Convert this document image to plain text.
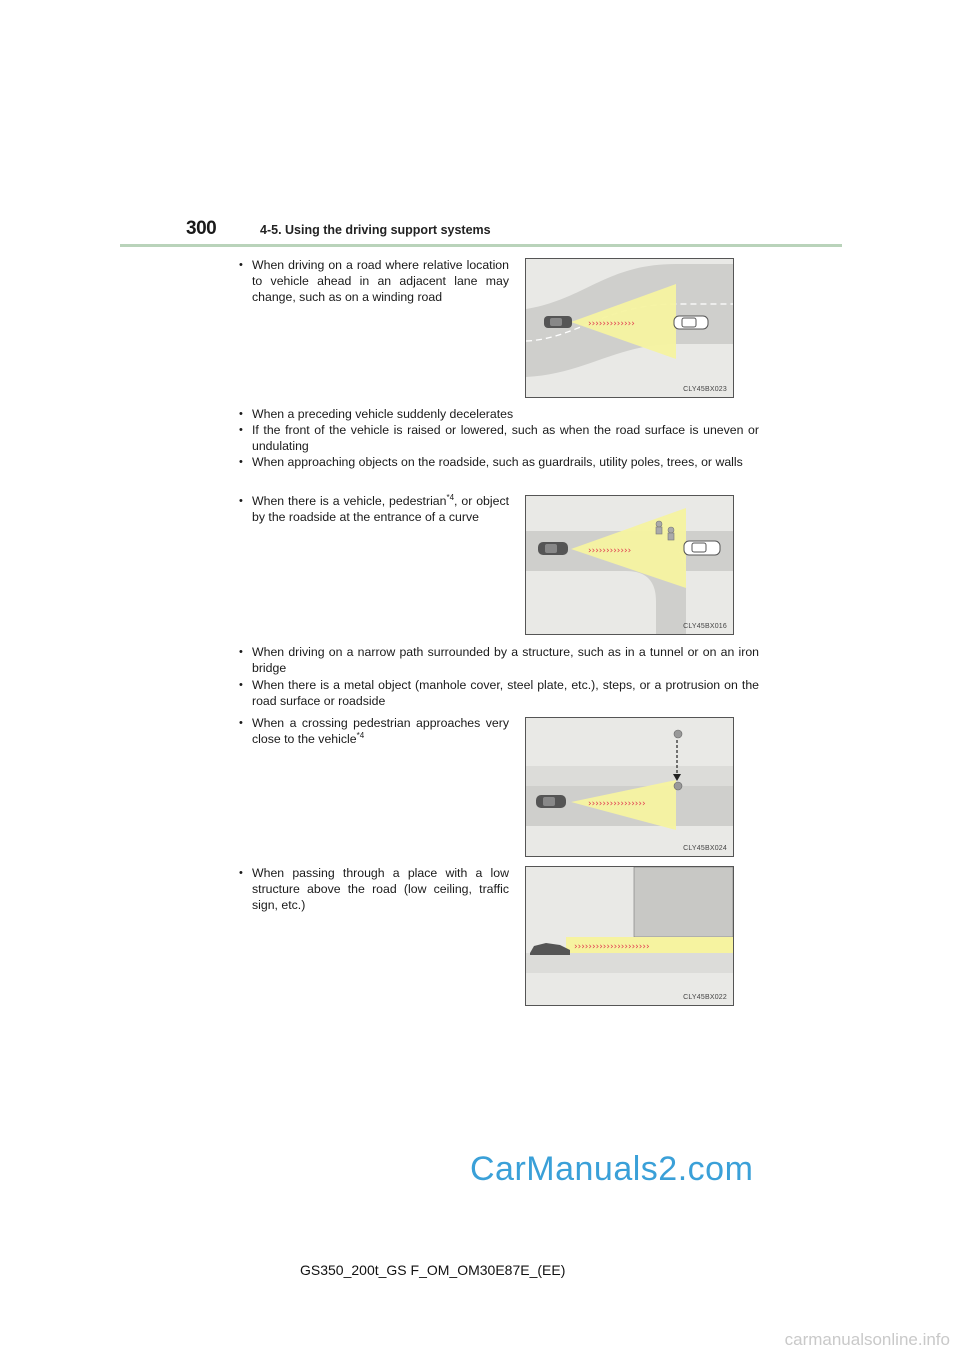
300	4-5. Using the driving support systems
• When driving on a road where relative location to vehicle ahead in an adjacent lane may change, such as on a winding road
›››››››››››››
CLY45BX023
• When a preceding vehicle suddenly decelerates
• If the front of the vehicle is raised or lowered, such as when the road surface is uneven or undulating
• When approaching objects on the roadside, such as guardrails, utility poles, trees, or walls
• When there is a vehicle, pedestrian$^{*4}$, or object by the roadside at the entrance of a curve
››››››››››››
CLY45BX016
• When driving on a narrow path surrounded by a structure, such as in a tunnel or on an iron bridge
• When there is a metal object (manhole cover, steel plate, etc.), steps, or a protrusion on the road surface or roadside
• When a crossing pedestrian approaches very close to the vehicle$^{*4}$
››››››››››››››››
CLY45BX024
• When passing through a place with a low structure above the road (low ceiling, traffic sign, etc.)
›››››››››››››››››››››
CLY45BX022
CarManuals2.com
GS350_200t_GS F_OM_OM30E87E_(EE)
carmanualsonline.info
